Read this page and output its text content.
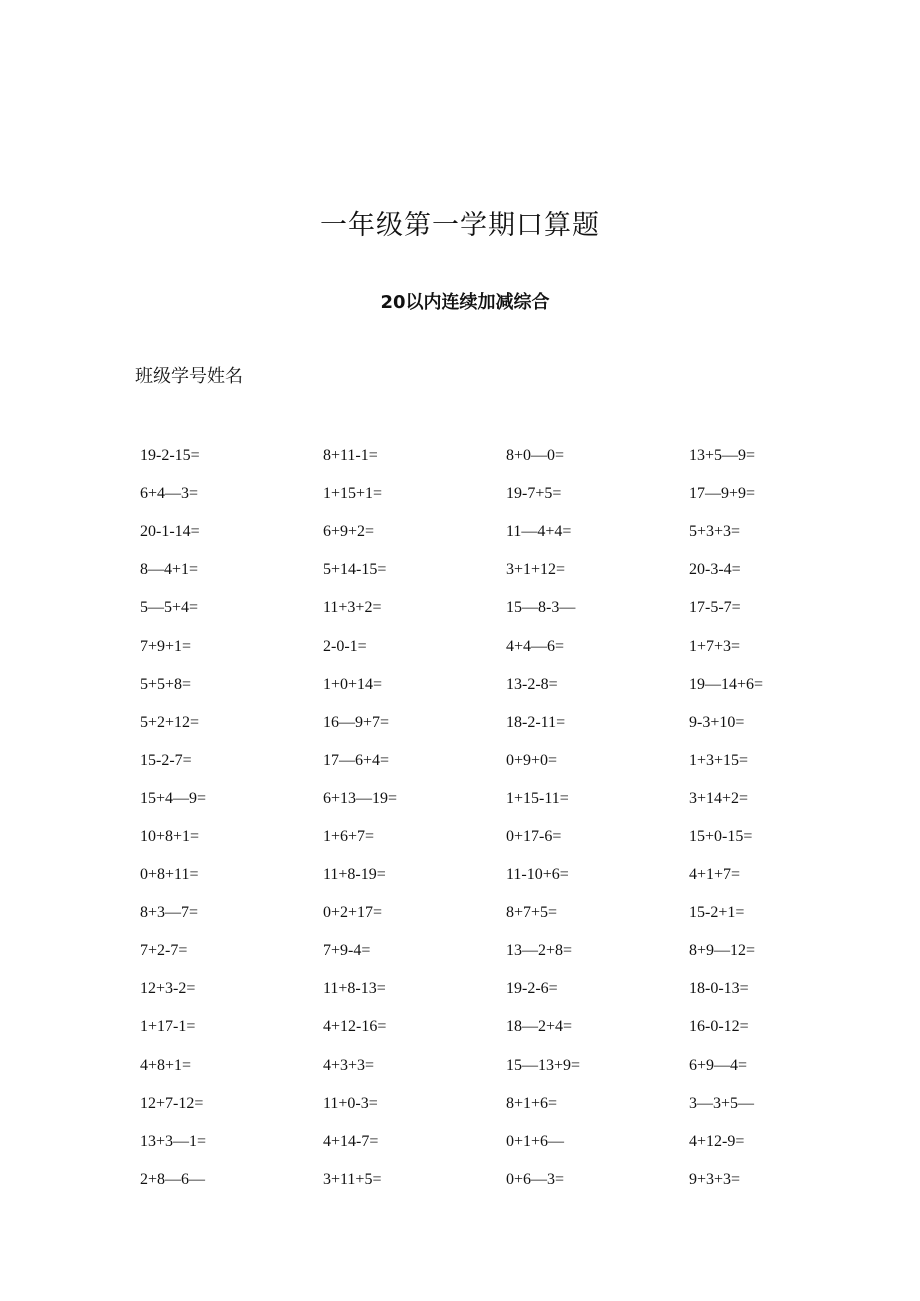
一年级第一学期口算题
20以内连续加减综合
班级学号姓名
19-2-15=	8+11-1=	8+0—0=	13+5—9=
6+4—3=	1+15+1=	19-7+5=	17—9+9=
20-1-14=	6+9+2=	11—4+4=	5+3+3=
8—4+1=	5+14-15=	3+1+12=	20-3-4=
5—5+4=	11+3+2=	15—8-3—	17-5-7=
7+9+1=	2-0-1=	4+4—6=	1+7+3=
5+5+8=	1+0+14=	13-2-8=	19—14+6=
5+2+12=	16—9+7=	18-2-11=	9-3+10=
15-2-7=	17—6+4=	0+9+0=	1+3+15=
15+4—9=	6+13—19=	1+15-11=	3+14+2=
10+8+1=	1+6+7=	0+17-6=	15+0-15=
0+8+11=	11+8-19=	11-10+6=	4+1+7=
8+3—7=	0+2+17=	8+7+5=	15-2+1=
7+2-7=	7+9-4=	13—2+8=	8+9—12=
12+3-2=	11+8-13=	19-2-6=	18-0-13=
1+17-1=	4+12-16=	18—2+4=	16-0-12=
4+8+1=	4+3+3=	15—13+9=	6+9—4=
12+7-12=	11+0-3=	8+1+6=	3—3+5—
13+3—1=	4+14-7=	0+1+6—	4+12-9=
2+8—6—	3+11+5=	0+6—3=	9+3+3=
